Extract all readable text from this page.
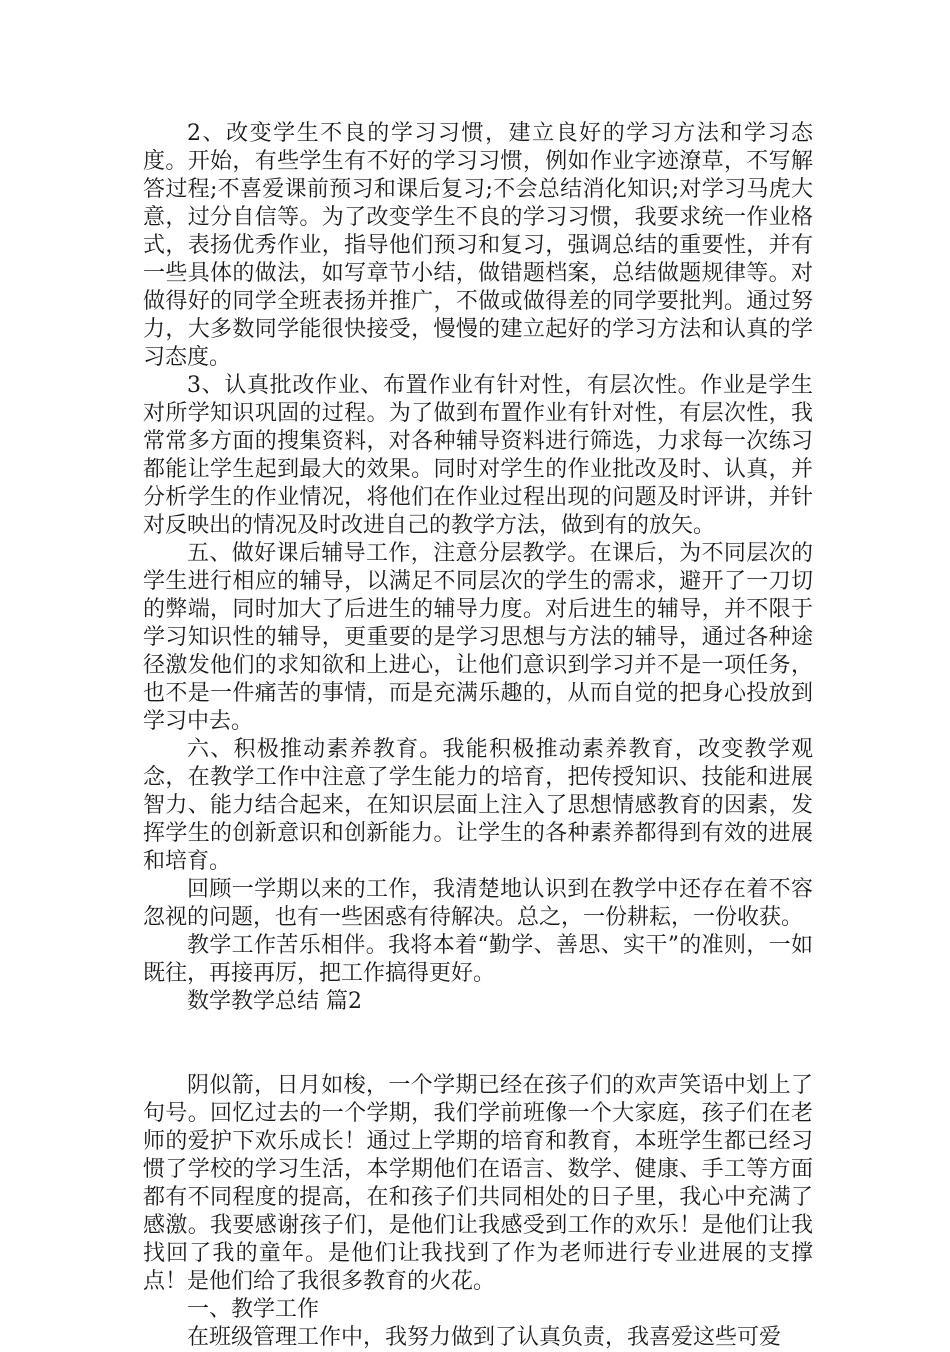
2、改变学生不良的学习习惯，建立良好的学习方法和学习态度。开始，有些学生有不好的学习习惯，例如作业字迹潦草，不写解答过程;不喜爱课前预习和课后复习;不会总结消化知识;对学习马虎大意，过分自信等。为了改变学生不良的学习习惯，我要求统一作业格式，表扬优秀作业，指导他们预习和复习，强调总结的重要性，并有一些具体的做法，如写章节小结，做错题档案，总结做题规律等。对做得好的同学全班表扬并推广，不做或做得差的同学要批判。通过努力，大多数同学能很快接受，慢慢的建立起好的学习方法和认真的学习态度。

3、认真批改作业、布置作业有针对性，有层次性。作业是学生对所学知识巩固的过程。为了做到布置作业有针对性，有层次性，我常常多方面的搜集资料，对各种辅导资料进行筛选，力求每一次练习都能让学生起到最大的效果。同时对学生的作业批改及时、认真，并分析学生的作业情况，将他们在作业过程出现的问题及时评讲，并针对反映出的情况及时改进自己的教学方法，做到有的放矢。

五、做好课后辅导工作，注意分层教学。在课后，为不同层次的学生进行相应的辅导，以满足不同层次的学生的需求，避开了一刀切的弊端，同时加大了后进生的辅导力度。对后进生的辅导，并不限于学习知识性的辅导，更重要的是学习思想与方法的辅导，通过各种途径激发他们的求知欲和上进心，让他们意识到学习并不是一项任务，也不是一件痛苦的事情，而是充满乐趣的，从而自觉的把身心投放到学习中去。

六、积极推动素养教育。我能积极推动素养教育，改变教学观念，在教学工作中注意了学生能力的培育，把传授知识、技能和进展智力、能力结合起来，在知识层面上注入了思想情感教育的因素，发挥学生的创新意识和创新能力。让学生的各种素养都得到有效的进展和培育。

回顾一学期以来的工作，我清楚地认识到在教学中还存在着不容忽视的问题，也有一些困惑有待解决。总之，一份耕耘，一份收获。

教学工作苦乐相伴。我将本着“勤学、善思、实干”的准则，一如既往，再接再厉，把工作搞得更好。

数学教学总结 篇2

阴似箭，日月如梭，一个学期已经在孩子们的欢声笑语中划上了句号。回忆过去的一个学期，我们学前班像一个大家庭，孩子们在老师的爱护下欢乐成长！通过上学期的培育和教育，本班学生都已经习惯了学校的学习生活，本学期他们在语言、数学、健康、手工等方面都有不同程度的提高，在和孩子们共同相处的日子里，我心中充满了感激。我要感谢孩子们，是他们让我感受到工作的欢乐！是他们让我找回了我的童年。是他们让我找到了作为老师进行专业进展的支撑点！是他们给了我很多教育的火花。

一、教学工作

在班级管理工作中，我努力做到了认真负责，我喜爱这些可爱
